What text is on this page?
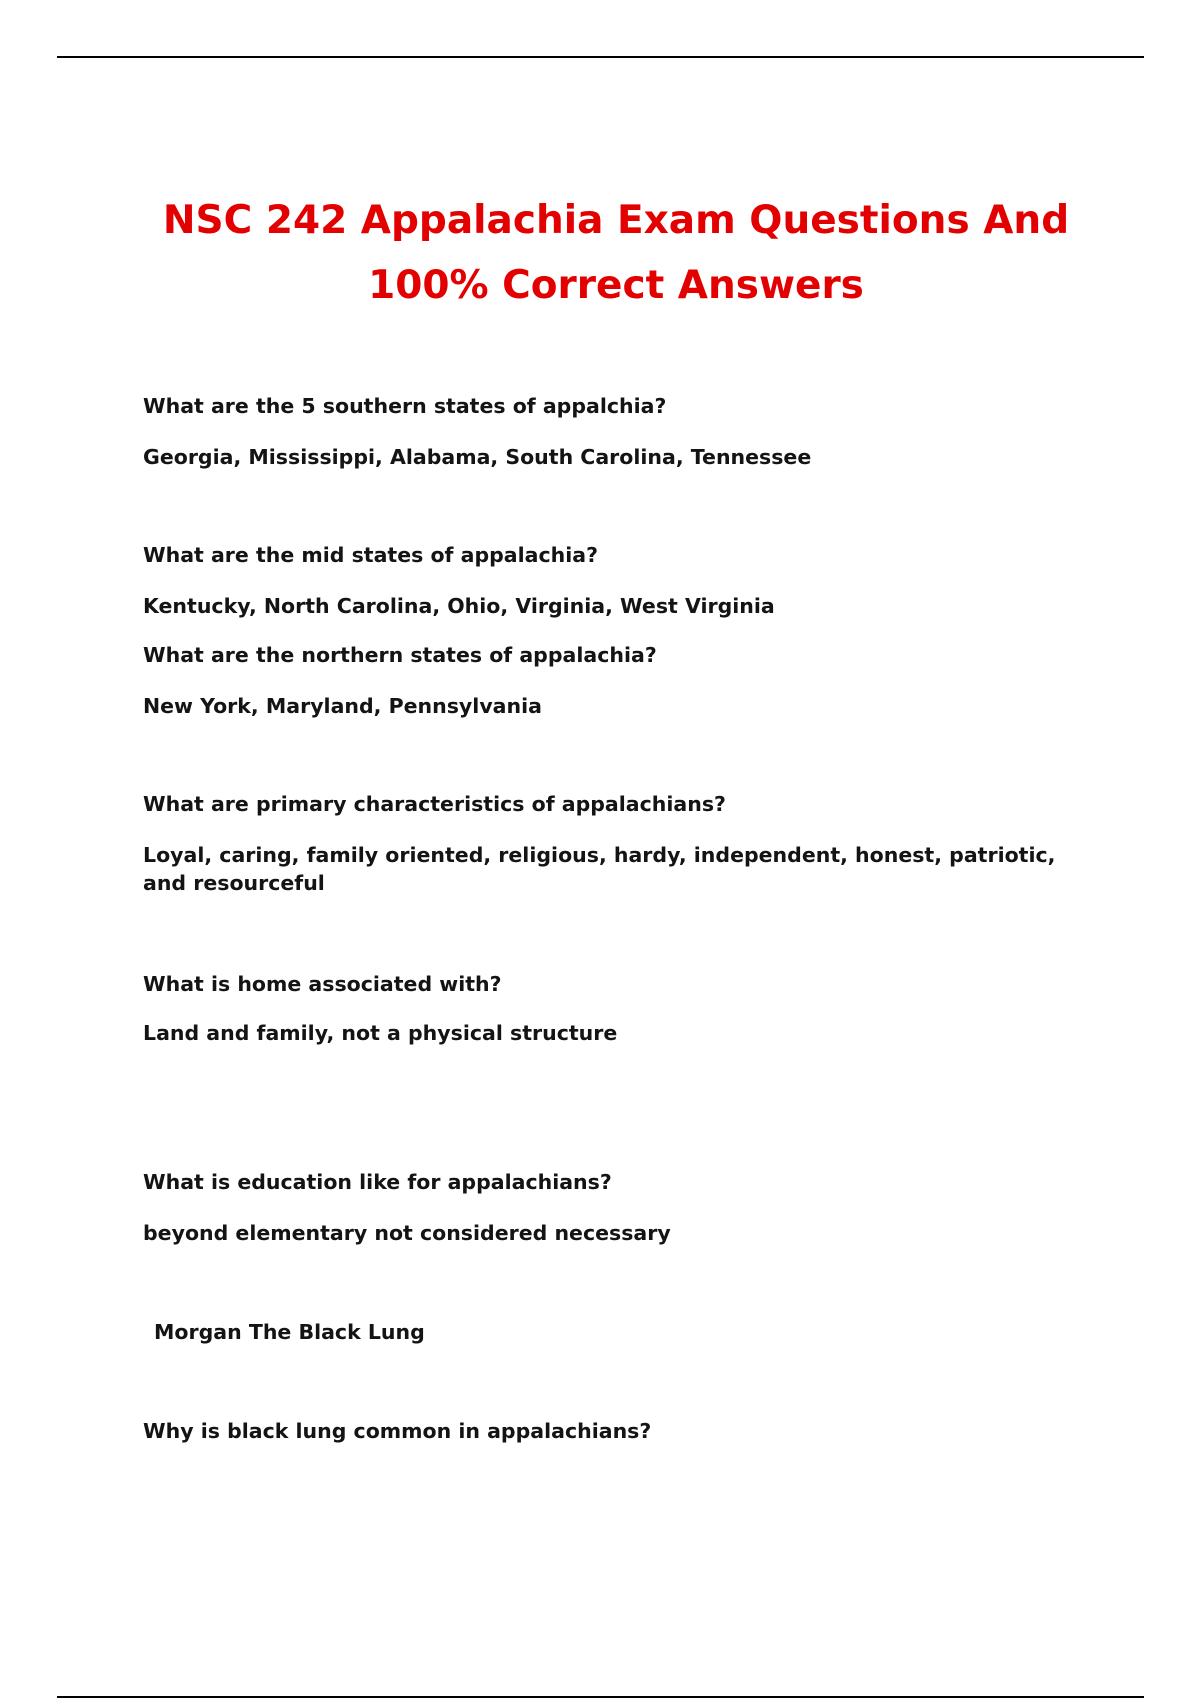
NSC 242 Appalachia Exam Questions And
100% Correct Answers

What are the 5 southern states of appalchia?

Georgia, Mississippi, Alabama, South Carolina, Tennessee

What are the mid states of appalachia?

Kentucky, North Carolina, Ohio, Virginia, West Virginia

What are the northern states of appalachia?

New York, Maryland, Pennsylvania

What are primary characteristics of appalachians?

Loyal, caring, family oriented, religious, hardy, independent, honest, patriotic, and resourceful

What is home associated with?

Land and family, not a physical structure

What is education like for appalachians?

beyond elementary not considered necessary

Morgan The Black Lung

Why is black lung common in appalachians?
